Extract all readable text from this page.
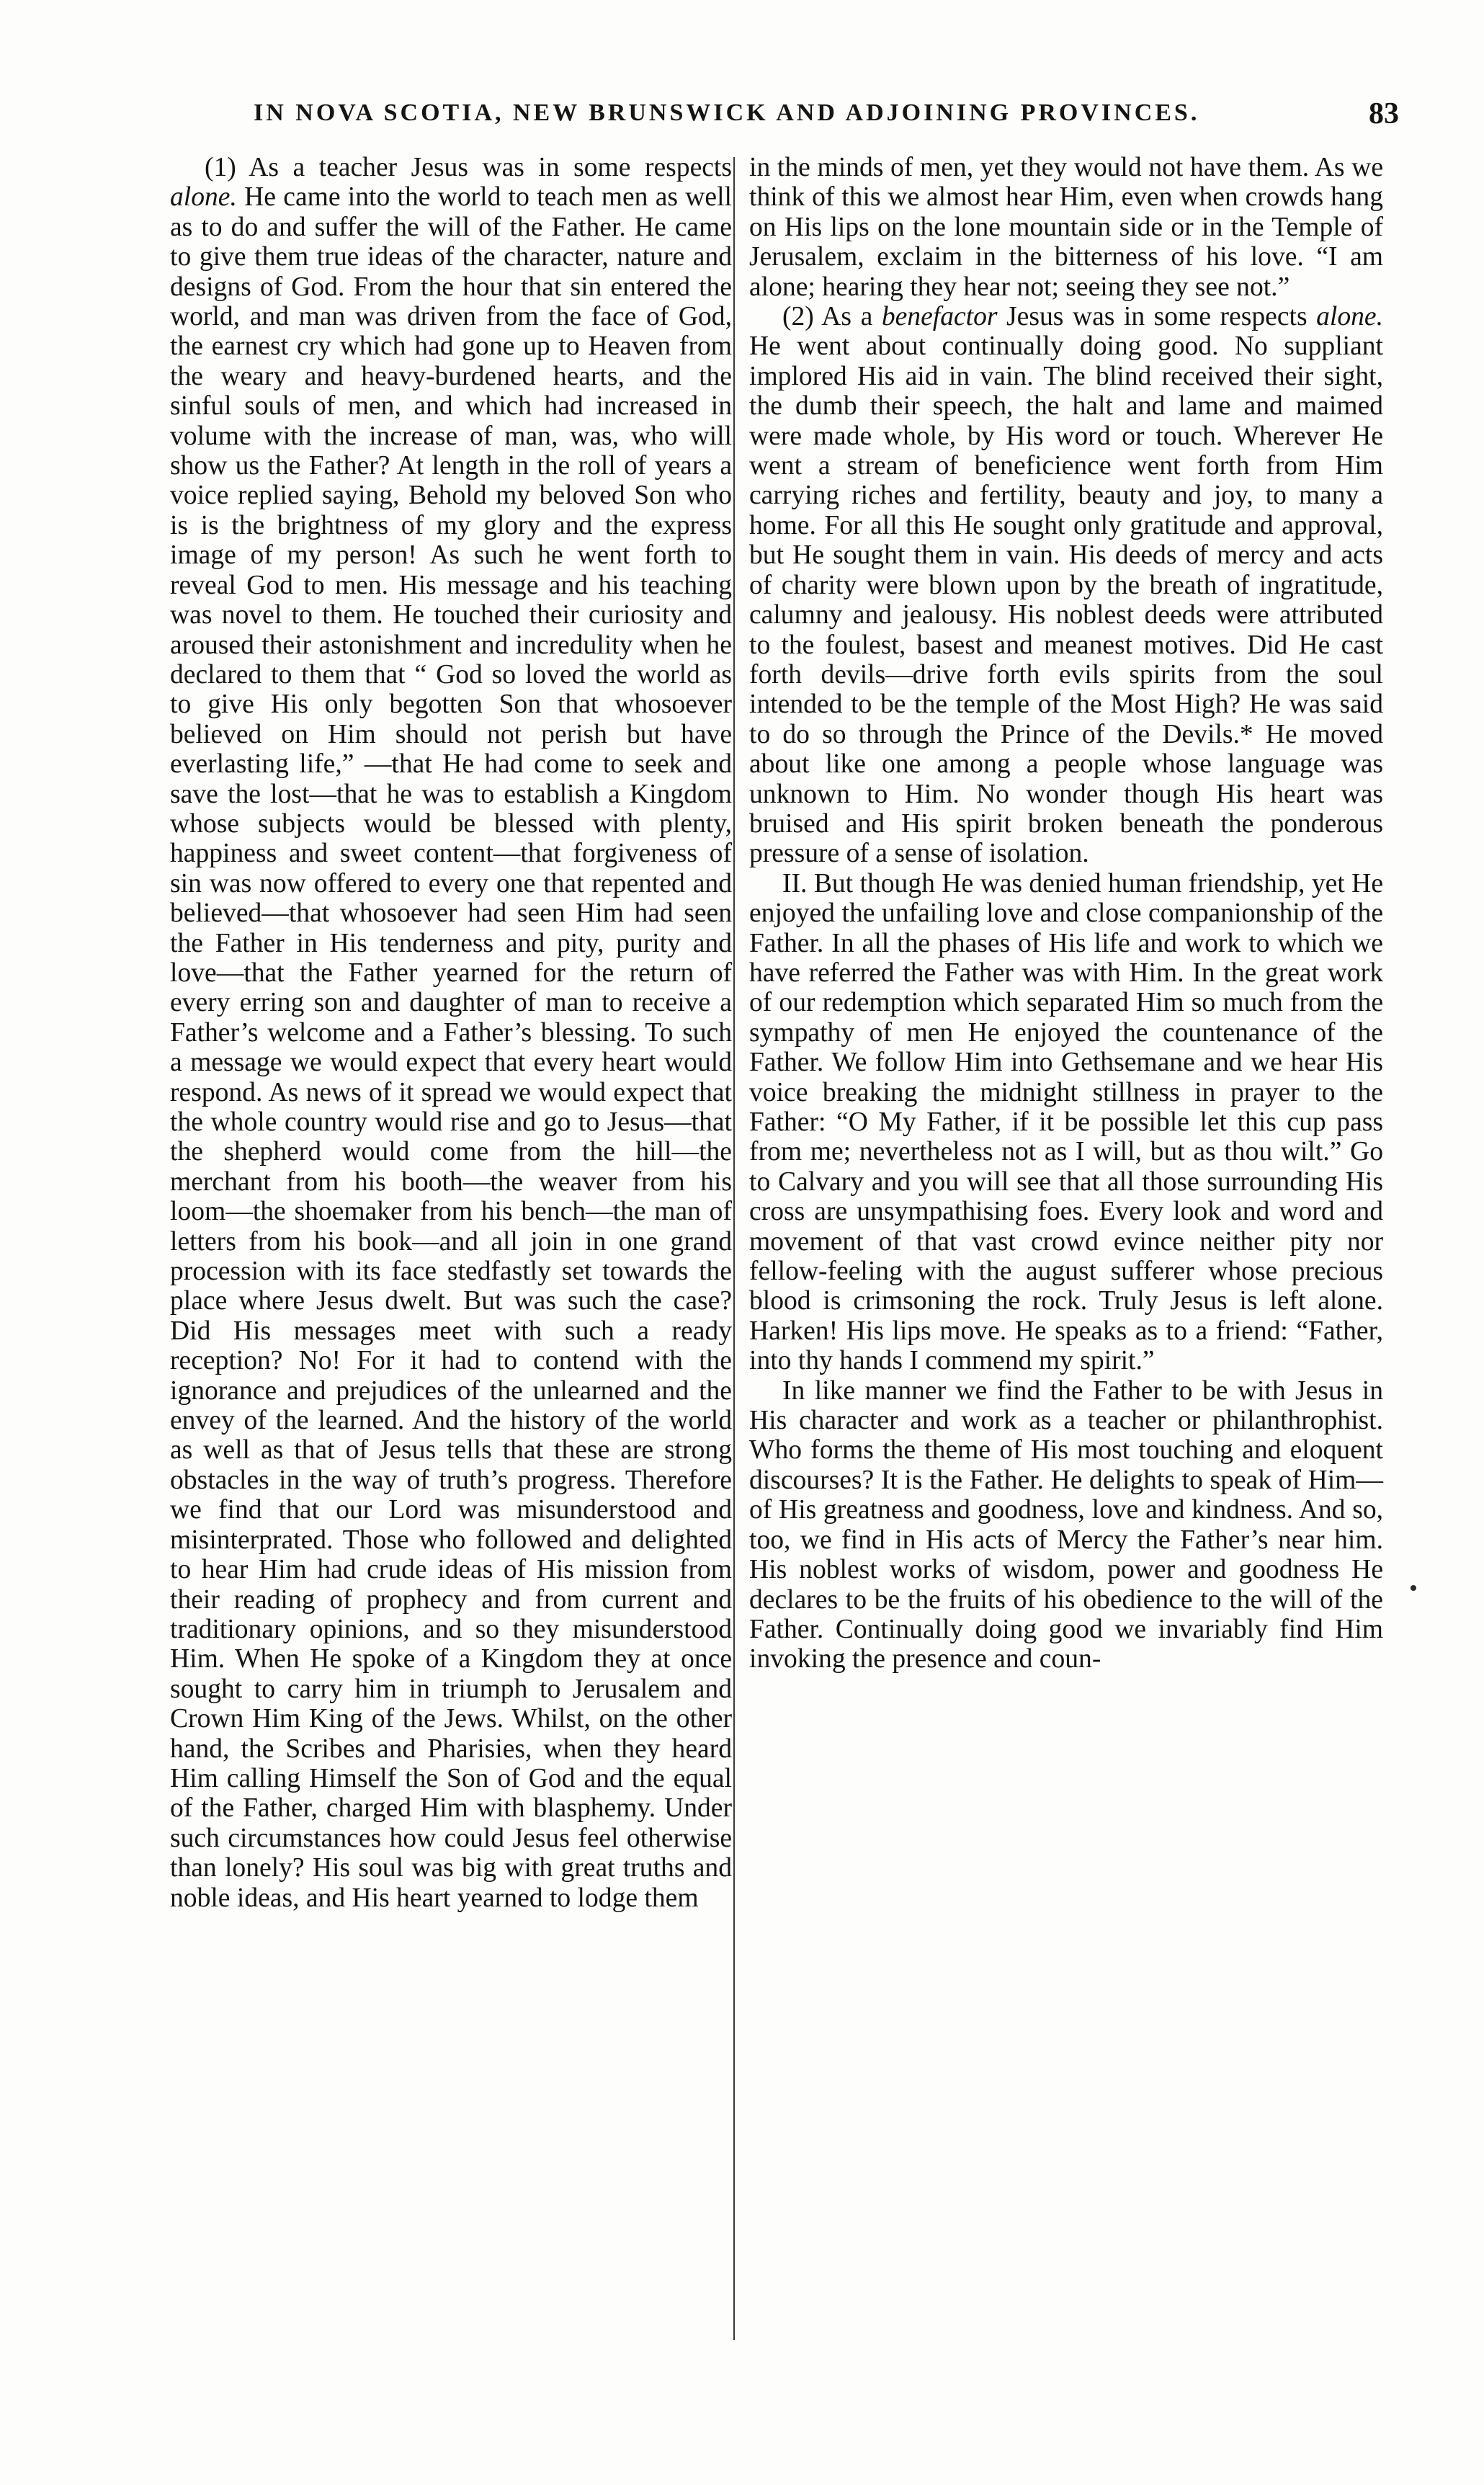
IN NOVA SCOTIA, NEW BRUNSWICK AND ADJOINING PROVINCES.	83

(1) As a teacher Jesus was in some respects alone. He came into the world to teach men as well as to do and suffer the will of the Father. He came to give them true ideas of the character, nature and designs of God. From the hour that sin entered the world, and man was driven from the face of God, the earnest cry which had gone up to Heaven from the weary and heavy-burdened hearts, and the sinful souls of men, and which had increased in volume with the increase of man, was, who will show us the Father? At length in the roll of years a voice replied saying, Behold my beloved Son who is is the brightness of my glory and the express image of my person! As such he went forth to reveal God to men. His message and his teaching was novel to them. He touched their curiosity and aroused their astonishment and incredulity when he declared to them that “ God so loved the world as to give His only begotten Son that whosoever believed on Him should not perish but have everlasting life,” —that He had come to seek and save the lost—that he was to establish a Kingdom whose subjects would be blessed with plenty, happiness and sweet content—that forgiveness of sin was now offered to every one that repented and believed—that whosoever had seen Him had seen the Father in His tenderness and pity, purity and love—that the Father yearned for the return of every erring son and daughter of man to receive a Father’s welcome and a Father’s blessing. To such a message we would expect that every heart would respond. As news of it spread we would expect that the whole country would rise and go to Jesus—that the shepherd would come from the hill—the merchant from his booth—the weaver from his loom—the shoemaker from his bench—the man of letters from his book—and all join in one grand procession with its face stedfastly set towards the place where Jesus dwelt. But was such the case? Did His messages meet with such a ready reception? No! For it had to contend with the ignorance and prejudices of the unlearned and the envey of the learned. And the history of the world as well as that of Jesus tells that these are strong obstacles in the way of truth’s progress. Therefore we find that our Lord was misunderstood and misinterprated. Those who followed and delighted to hear Him had crude ideas of His mission from their reading of prophecy and from current and traditionary opinions, and so they misunderstood Him. When He spoke of a Kingdom they at once sought to carry him in triumph to Jerusalem and Crown Him King of the Jews. Whilst, on the other hand, the Scribes and Pharisies, when they heard Him calling Himself the Son of God and the equal of the Father, charged Him with blasphemy. Under such circumstances how could Jesus feel otherwise than lonely? His soul was big with great truths and noble ideas, and His heart yearned to lodge them

in the minds of men, yet they would not have them. As we think of this we almost hear Him, even when crowds hang on His lips on the lone mountain side or in the Temple of Jerusalem, exclaim in the bitterness of his love. “I am alone; hearing they hear not; seeing they see not.”

(2) As a benefactor Jesus was in some respects alone. He went about continually doing good. No suppliant implored His aid in vain. The blind received their sight, the dumb their speech, the halt and lame and maimed were made whole, by His word or touch. Wherever He went a stream of beneficience went forth from Him carrying riches and fertility, beauty and joy, to many a home. For all this He sought only gratitude and approval, but He sought them in vain. His deeds of mercy and acts of charity were blown upon by the breath of ingratitude, calumny and jealousy. His noblest deeds were attributed to the foulest, basest and meanest motives. Did He cast forth devils—drive forth evils spirits from the soul intended to be the temple of the Most High? He was said to do so through the Prince of the Devils.* He moved about like one among a people whose language was unknown to Him. No wonder though His heart was bruised and His spirit broken beneath the ponderous pressure of a sense of isolation.

II. But though He was denied human friendship, yet He enjoyed the unfailing love and close companionship of the Father. In all the phases of His life and work to which we have referred the Father was with Him. In the great work of our redemption which separated Him so much from the sympathy of men He enjoyed the countenance of the Father. We follow Him into Gethsemane and we hear His voice breaking the midnight stillness in prayer to the Father: “O My Father, if it be possible let this cup pass from me; nevertheless not as I will, but as thou wilt.” Go to Calvary and you will see that all those surrounding His cross are unsympathising foes. Every look and word and movement of that vast crowd evince neither pity nor fellow-feeling with the august sufferer whose precious blood is crimsoning the rock. Truly Jesus is left alone. Harken! His lips move. He speaks as to a friend: “Father, into thy hands I commend my spirit.”

In like manner we find the Father to be with Jesus in His character and work as a teacher or philanthrophist. Who forms the theme of His most touching and eloquent discourses? It is the Father. He delights to speak of Him—of His greatness and goodness, love and kindness. And so, too, we find in His acts of Mercy the Father’s near him. His noblest works of wisdom, power and goodness He declares to be the fruits of his obedience to the will of the Father. Continually doing good we invariably find Him invoking the presence and coun-
